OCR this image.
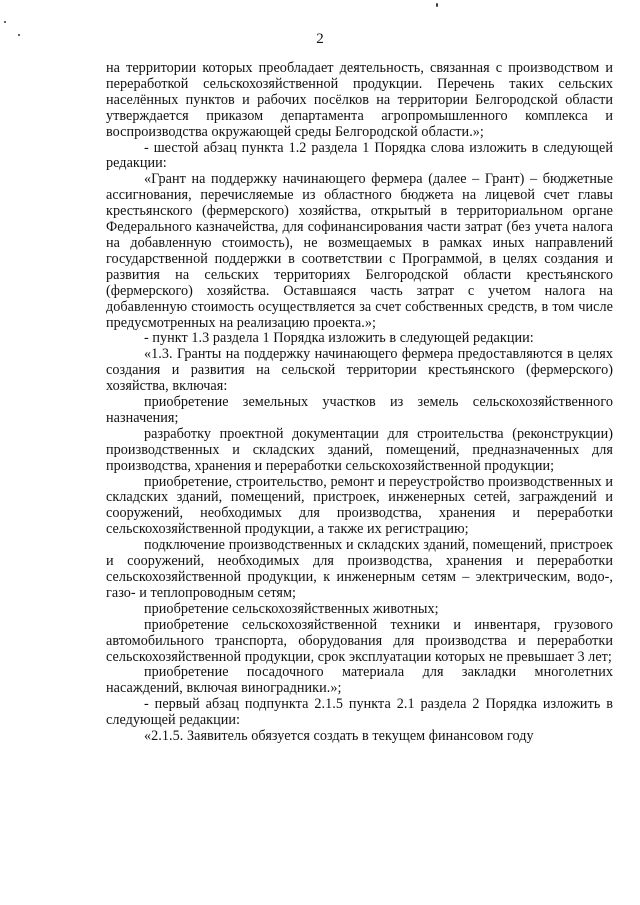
2

на территории которых преобладает деятельность, связанная с производством и переработкой сельскохозяйственной продукции. Перечень таких сельских населённых пунктов и рабочих посёлков на территории Белгородской области утверждается приказом департамента агропромышленного комплекса и воспроизводства окружающей среды Белгородской области.»;

- шестой абзац пункта 1.2 раздела 1 Порядка слова изложить в следующей редакции:

«Грант на поддержку начинающего фермера (далее – Грант) – бюджетные ассигнования, перечисляемые из областного бюджета на лицевой счет главы крестьянского (фермерского) хозяйства, открытый в территориальном органе Федерального казначейства, для софинансирования части затрат (без учета налога на добавленную стоимость), не возмещаемых в рамках иных направлений государственной поддержки в соответствии с Программой, в целях создания и развития на сельских территориях Белгородской области крестьянского (фермерского) хозяйства. Оставшаяся часть затрат с учетом налога на добавленную стоимость осуществляется за счет собственных средств, в том числе предусмотренных на реализацию проекта.»;

- пункт 1.3 раздела 1 Порядка изложить в следующей редакции:

«1.3. Гранты на поддержку начинающего фермера предоставляются в целях создания и развития на сельской территории крестьянского (фермерского) хозяйства, включая:

приобретение земельных участков из земель сельскохозяйственного назначения;

разработку проектной документации для строительства (реконструкции) производственных и складских зданий, помещений, предназначенных для производства, хранения и переработки сельскохозяйственной продукции;

приобретение, строительство, ремонт и переустройство производственных и складских зданий, помещений, пристроек, инженерных сетей, заграждений и сооружений, необходимых для производства, хранения и переработки сельскохозяйственной продукции, а также их регистрацию;

подключение производственных и складских зданий, помещений, пристроек и сооружений, необходимых для производства, хранения и переработки сельскохозяйственной продукции, к инженерным сетям – электрическим, водо-, газо- и теплопроводным сетям;

приобретение сельскохозяйственных животных;

приобретение сельскохозяйственной техники и инвентаря, грузового автомобильного транспорта, оборудования для производства и переработки сельскохозяйственной продукции, срок эксплуатации которых не превышает 3 лет;

приобретение посадочного материала для закладки многолетних насаждений, включая виноградники.»;

- первый абзац подпункта 2.1.5 пункта 2.1 раздела 2 Порядка изложить в следующей редакции:

«2.1.5. Заявитель обязуется создать в текущем финансовом году
